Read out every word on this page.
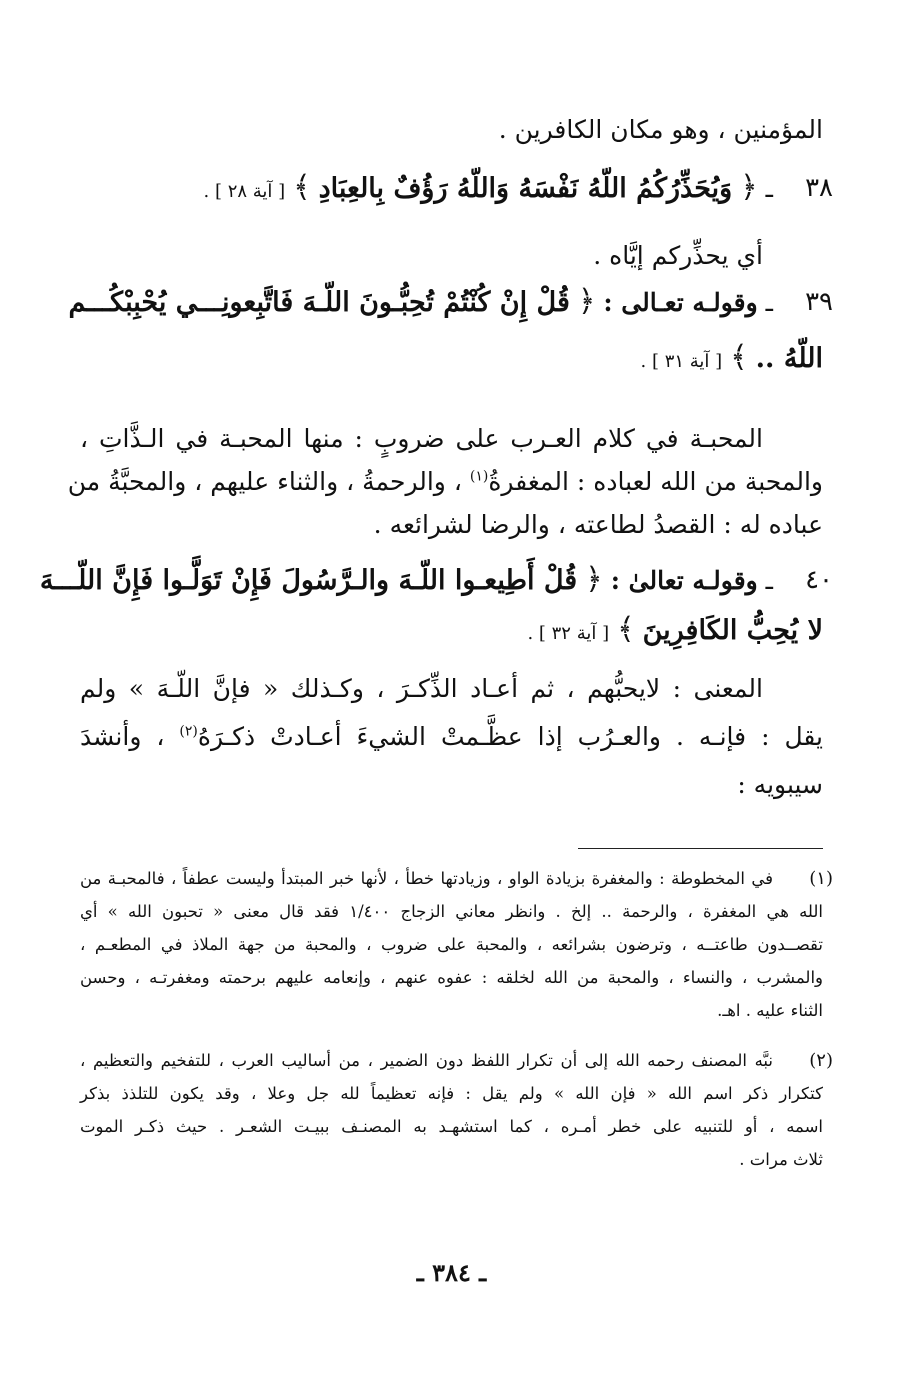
المؤمنين ، وهو مكان الكافرين .
٣٨
ـ ﴿ وَيُحَذِّرُكُمُ اللّهُ نَفْسَهُ وَاللّهُ رَؤُفٌ بِالعِبَادِ ﴾ [ آية ٢٨ ] .
أي يحذِّركم إيَّاه .
٣٩
ـ وقولـه تعـالى : ﴿ قُلْ إِنْ كُنْتُمْ تُحِبُّـونَ اللّـهَ فَاتَّبِعونِـــي يُحْبِبْكُـــم
اللّهُ .. ﴾ [ آية ٣١ ] .
المحبـة في كلام العـرب على ضروبٍ : منها المحبـة في الـذَّاتِ ،
والمحبة من الله لعباده : المغفرةُ$^{(١)}$ ، والرحمةُ ، والثناء عليهم ، والمحبَّةُ من
عباده له : القصدُ لطاعته ، والرضا لشرائعه .
٤٠
ـ وقولـه تعالىٰ : ﴿ قُلْ أَطِيعـوا اللّـهَ والـرَّسُولَ فَإِنْ تَوَلَّـوا فَإِنَّ اللّـــهَ
لا يُحِبُّ الكَافِرِينَ ﴾ [ آية ٣٢ ] .
المعنى : لايحبُّهم ، ثم أعـاد الذِّكـرَ ، وكـذلك « فإنَّ اللّـهَ » ولم
يقل : فإنـه . والعـرُب إذا عظَّـمتْ الشيءَ أعـادتْ ذكـرَهُ$^{(٢)}$ ، وأنشدَ
سيبويه :
(١)
في المخطوطة : والمغفرة بزيادة الواو ، وزيادتها خطأ ، لأنها خبر المبتدأ وليست عطفاً ، فالمحبـة من
الله هي المغفرة ، والرحمة .. إلخ . وانظر معاني الزجاج ١/٤٠٠ فقد قال معنى « تحبون الله » أي
تقصــدون طاعتــه ، وترضون بشرائعه ، والمحبة على ضروب ، والمحبة من جهة الملاذ في المطعـم ،
والمشرب ، والنساء ، والمحبة من الله لخلقه : عفوه عنهم ، وإنعامه عليهم برحمته ومغفرتـه ، وحسن
الثناء عليه . اهـ.
(٢)
نبَّه المصنف رحمه الله إلى أن تكرار اللفظ دون الضمير ، من أساليب العرب ، للتفخيم والتعظيم ،
كتكرار ذكر اسم الله « فإن الله » ولم يقل : فإنه تعظيماً لله جل وعلا ، وقد يكون للتلذذ بذكر
اسمه ، أو للتنبيه على خطر أمـره ، كما استشهـد به المصنـف ببيـت الشعـر . حيث ذكـر الموت
ثلاث مرات .
ـ ٣٨٤ ـ
